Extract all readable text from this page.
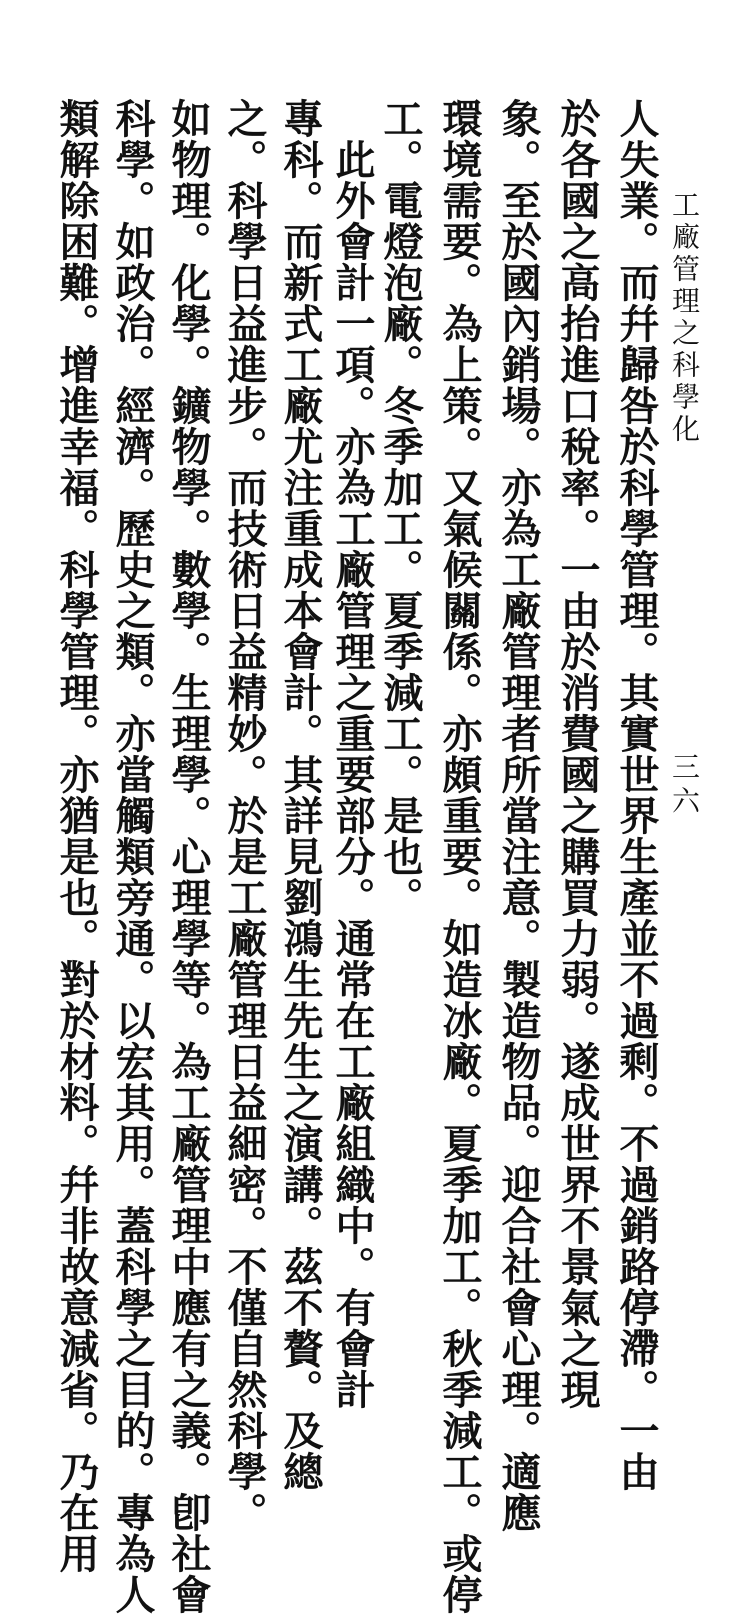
工廠管理之科學化
三六
人失業。而幷歸咎於科學管理。其實世界生產並不過剩。不過銷路停滯。一由
於各國之高抬進口稅率。一由於消費國之購買力弱。遂成世界不景氣之現
象。至於國內銷場。亦為工廠管理者所當注意。製造物品。迎合社會心理。適應
環境需要。為上策。又氣候關係。亦頗重要。如造冰廠。夏季加工。秋季減工。或停
工。電燈泡廠。冬季加工。夏季減工。是也。
　此外會計一項。亦為工廠管理之重要部分。通常在工廠組織中。有會計
專科。而新式工廠尤注重成本會計。其詳見劉鴻生先生之演講。茲不贅。及總
之。科學日益進步。而技術日益精妙。於是工廠管理日益細密。不僅自然科學。
如物理。化學。鑛物學。數學。生理學。心理學等。為工廠管理中應有之義。卽社會
科學。如政治。經濟。歷史之類。亦當觸類旁通。以宏其用。蓋科學之目的。專為人
類解除困難。增進幸福。科學管理。亦猶是也。對於材料。幷非故意減省。乃在用
